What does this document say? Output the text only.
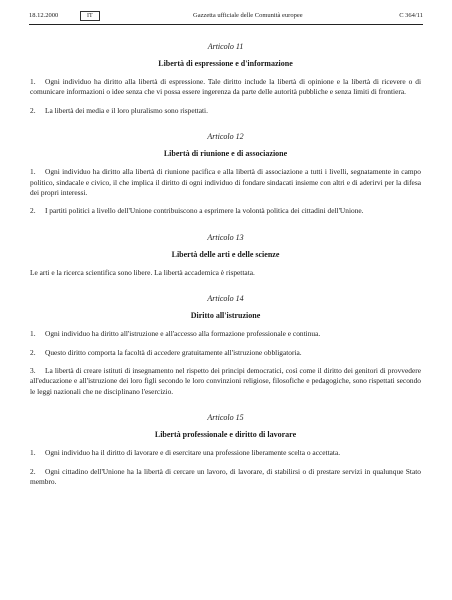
18.12.2000	IT	Gazzetta ufficiale delle Comunità europee	C 364/11
Articolo 11
Libertà di espressione e d'informazione
1. Ogni individuo ha diritto alla libertà di espressione. Tale diritto include la libertà di opinione e la libertà di ricevere o di comunicare informazioni o idee senza che vi possa essere ingerenza da parte delle autorità pubbliche e senza limiti di frontiera.
2. La libertà dei media e il loro pluralismo sono rispettati.
Articolo 12
Libertà di riunione e di associazione
1. Ogni individuo ha diritto alla libertà di riunione pacifica e alla libertà di associazione a tutti i livelli, segnatamente in campo politico, sindacale e civico, il che implica il diritto di ogni individuo di fondare sindacati insieme con altri e di aderirvi per la difesa dei propri interessi.
2. I partiti politici a livello dell'Unione contribuiscono a esprimere la volontà politica dei cittadini dell'Unione.
Articolo 13
Libertà delle arti e delle scienze
Le arti e la ricerca scientifica sono libere. La libertà accademica è rispettata.
Articolo 14
Diritto all'istruzione
1. Ogni individuo ha diritto all'istruzione e all'accesso alla formazione professionale e continua.
2. Questo diritto comporta la facoltà di accedere gratuitamente all'istruzione obbligatoria.
3. La libertà di creare istituti di insegnamento nel rispetto dei principi democratici, così come il diritto dei genitori di provvedere all'educazione e all'istruzione dei loro figli secondo le loro convinzioni religiose, filosofiche e pedagogiche, sono rispettati secondo le leggi nazionali che ne disciplinano l'esercizio.
Articolo 15
Libertà professionale e diritto di lavorare
1. Ogni individuo ha il diritto di lavorare e di esercitare una professione liberamente scelta o accettata.
2. Ogni cittadino dell'Unione ha la libertà di cercare un lavoro, di lavorare, di stabilirsi o di prestare servizi in qualunque Stato membro.
